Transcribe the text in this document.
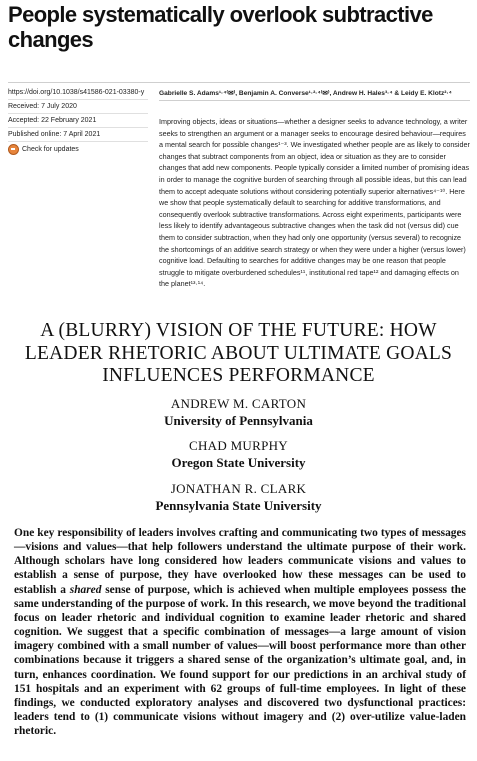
People systematically overlook subtractive changes
https://doi.org/10.1038/s41586-021-03380-y
Received: 7 July 2020
Accepted: 22 February 2021
Published online: 7 April 2021
Check for updates
Gabrielle S. Adams¹·⁴⁽✉⁾, Benjamin A. Converse¹·²·⁴⁽✉⁾, Andrew H. Hales³·⁴ & Leidy E. Klotz²·⁴
Improving objects, ideas or situations—whether a designer seeks to advance technology, a writer seeks to strengthen an argument or a manager seeks to encourage desired behaviour—requires a mental search for possible changes¹⁻³. We investigated whether people are as likely to consider changes that subtract components from an object, idea or situation as they are to consider changes that add new components. People typically consider a limited number of promising ideas in order to manage the cognitive burden of searching through all possible ideas, but this can lead them to accept adequate solutions without considering potentially superior alternatives⁴⁻¹⁰. Here we show that people systematically default to searching for additive transformations, and consequently overlook subtractive transformations. Across eight experiments, participants were less likely to identify advantageous subtractive changes when the task did not (versus did) cue them to consider subtraction, when they had only one opportunity (versus several) to recognize the shortcomings of an additive search strategy or when they were under a higher (versus lower) cognitive load. Defaulting to searches for additive changes may be one reason that people struggle to mitigate overburdened schedules¹¹, institutional red tape¹² and damaging effects on the planet¹³·¹⁴.
A (BLURRY) VISION OF THE FUTURE: HOW LEADER RHETORIC ABOUT ULTIMATE GOALS INFLUENCES PERFORMANCE
ANDREW M. CARTON
University of Pennsylvania
CHAD MURPHY
Oregon State University
JONATHAN R. CLARK
Pennsylvania State University
One key responsibility of leaders involves crafting and communicating two types of messages—visions and values—that help followers understand the ultimate purpose of their work. Although scholars have long considered how leaders communicate visions and values to establish a sense of purpose, they have overlooked how these messages can be used to establish a shared sense of purpose, which is achieved when multiple employees possess the same understanding of the purpose of work. In this research, we move beyond the traditional focus on leader rhetoric and individual cognition to examine leader rhetoric and shared cognition. We suggest that a specific combination of messages—a large amount of vision imagery combined with a small number of values—will boost performance more than other combinations because it triggers a shared sense of the organization’s ultimate goal, and, in turn, enhances coordination. We found support for our predictions in an archival study of 151 hospitals and an experiment with 62 groups of full-time employees. In light of these findings, we conducted exploratory analyses and discovered two dysfunctional practices: leaders tend to (1) communicate visions without imagery and (2) over-utilize value-laden rhetoric.
